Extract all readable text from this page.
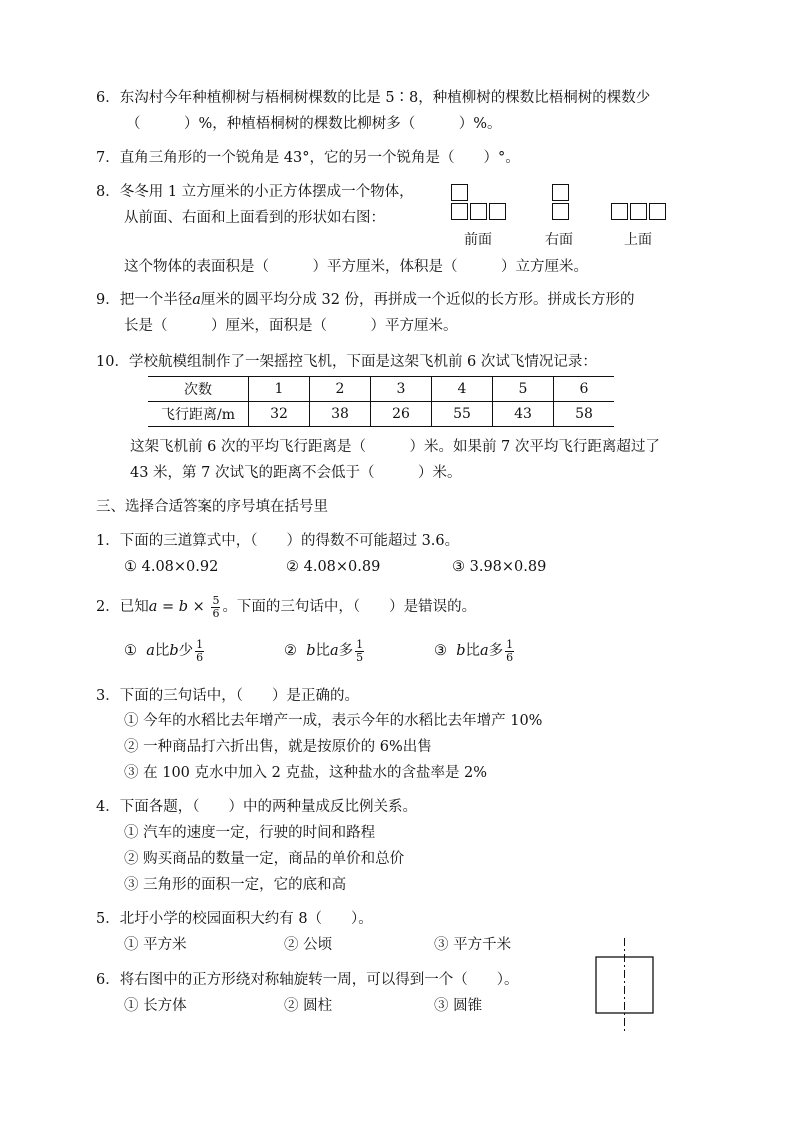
6．东沟村今年种植柳树与梧桐树棵数的比是 5∶8，种植柳树的棵数比梧桐树的棵数少
（　　　）%，种植梧桐树的棵数比柳树多（　　　）%。
7．直角三角形的一个锐角是 43°，它的另一个锐角是（　　）°。
8．冬冬用 1 立方厘米的小正方体摆成一个物体，
从前面、右面和上面看到的形状如右图：
前面	右面	上面
这个物体的表面积是（　　　）平方厘米，体积是（　　　）立方厘米。
9．把一个半径a厘米的圆平均分成 32 份，再拼成一个近似的长方形。拼成长方形的
长是（　　　）厘米，面积是（　　　）平方厘米。
10．学校航模组制作了一架摇控飞机，下面是这架飞机前 6 次试飞情况记录：
次数	1	2	3	4	5	6
飞行距离/m	32	38	26	55	43	58
这架飞机前 6 次的平均飞行距离是（　　　）米。如果前 7 次平均飞行距离超过了
43 米，第 7 次试飞的距离不会低于（　　　）米。
三、选择合适答案的序号填在括号里
1．下面的三道算式中，（　　）的得数不可能超过 3.6。
① 4.08×0.92	② 4.08×0.89	③ 3.98×0.89
2．已知$a = b \times \frac{5}{6}$ 。下面的三句话中，（　　）是错误的。
① a比b少 $\frac{1}{6}$	② b比a多 $\frac{1}{5}$	③ b比a多 $\frac{1}{6}$
3．下面的三句话中，（　　）是正确的。
① 今年的水稻比去年增产一成，表示今年的水稻比去年增产 10%
② 一种商品打六折出售，就是按原价的 6%出售
③ 在 100 克水中加入 2 克盐，这种盐水的含盐率是 2%
4．下面各题，（　　）中的两种量成反比例关系。
① 汽车的速度一定，行驶的时间和路程
② 购买商品的数量一定，商品的单价和总价
③ 三角形的面积一定，它的底和高
5．北圩小学的校园面积大约有 8（　　）。
① 平方米	② 公顷	③ 平方千米
6．将右图中的正方形绕对称轴旋转一周，可以得到一个（　　）。
① 长方体	② 圆柱	③ 圆锥
